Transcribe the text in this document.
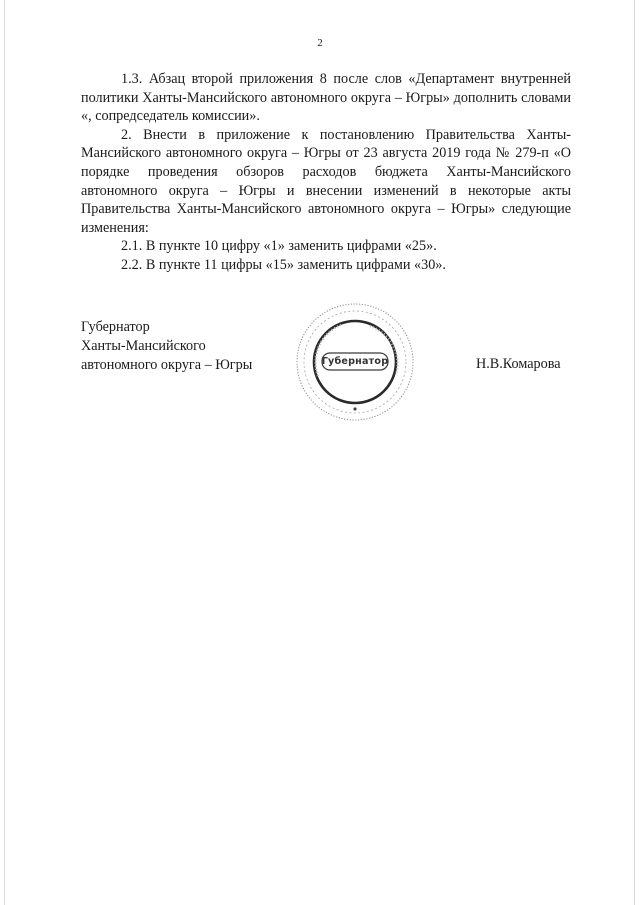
2

1.3. Абзац второй приложения 8 после слов «Департамент внутренней политики Ханты-Мансийского автономного округа – Югры» дополнить словами «, сопредседатель комиссии».

2. Внести в приложение к постановлению Правительства Ханты-Мансийского автономного округа – Югры от 23 августа 2019 года № 279-п «О порядке проведения обзоров расходов бюджета Ханты-Мансийского автономного округа – Югры и внесении изменений в некоторые акты Правительства Ханты-Мансийского автономного округа – Югры» следующие изменения:

2.1. В пункте 10 цифру «1» заменить цифрами «25».

2.2. В пункте 11 цифры «15» заменить цифрами «30».

Губернатор
Ханты-Мансийского
автономного округа – Югры	Губернатор	Н.В.Комарова
